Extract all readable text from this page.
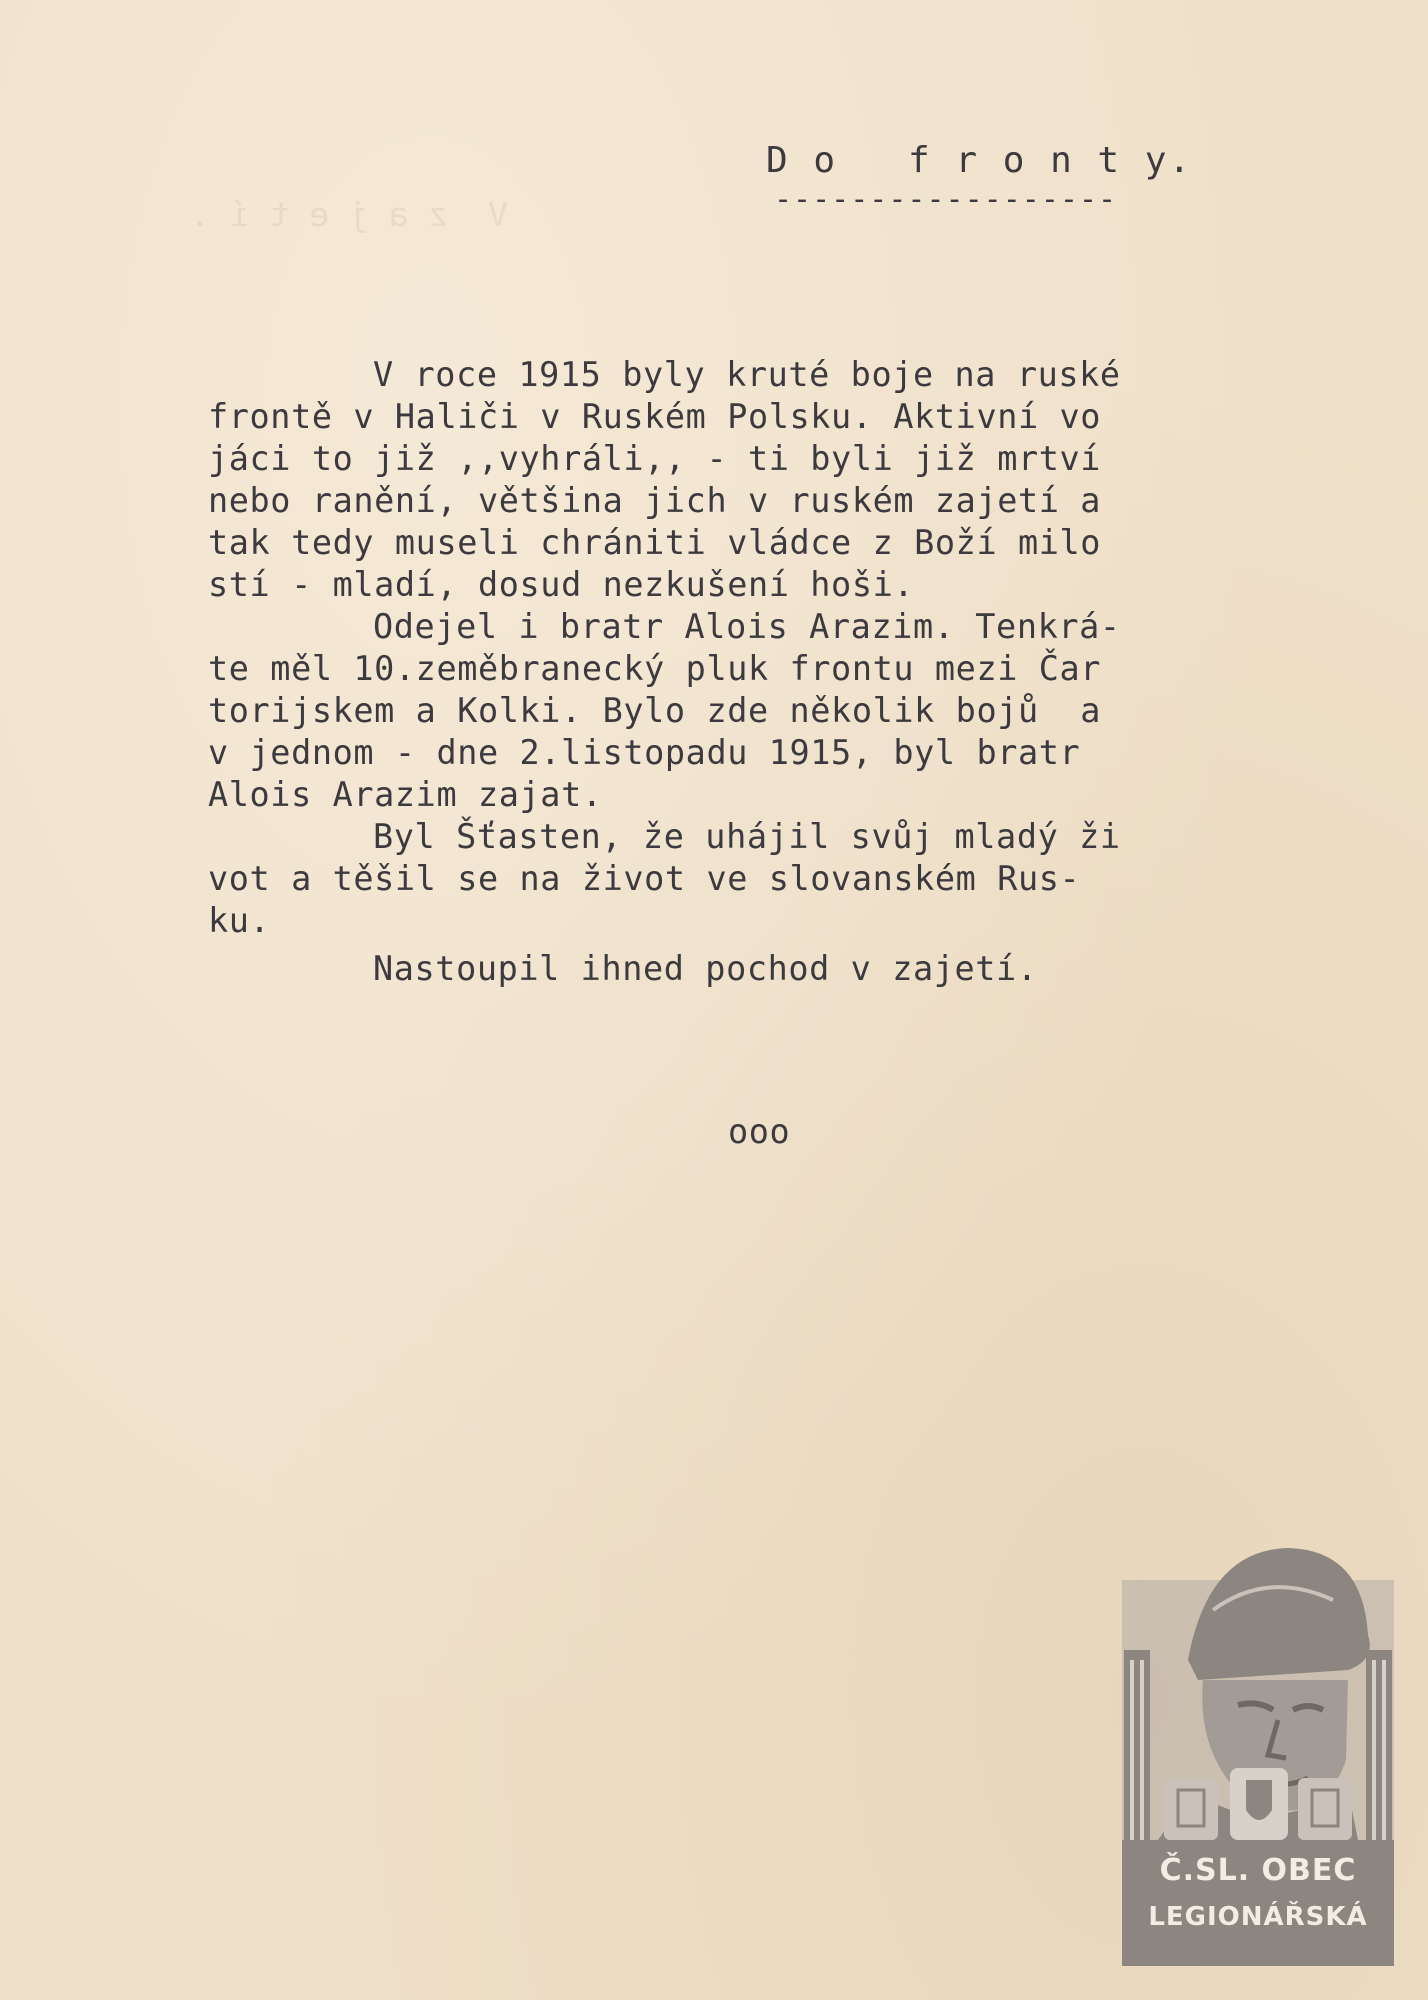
V  z a j e t í .
D o   f r o n t y.
------------------
V roce 1915 byly kruté boje na ruské
frontě v Haliči v Ruském Polsku. Aktivní vo
jáci to již ,,vyhráli,, - ti byli již mrtví
nebo ranění, většina jich v ruském zajetí a
tak tedy museli chrániti vládce z Boží milo
stí - mladí, dosud nezkušení hoši.
Odejel i bratr Alois Arazim. Tenkrá-
te měl 10.zeměbranecký pluk frontu mezi Čar
torijskem a Kolki. Bylo zde několik bojů  a
v jednom - dne 2.listopadu 1915, byl bratr
Alois Arazim zajat.
Byl Šťasten, že uhájil svůj mladý ži
vot a těšil se na život ve slovanském Rus-
ku.
Nastoupil ihned pochod v zajetí.
ooo
Č.SL. OBEC
LEGIONÁŘSKÁ
